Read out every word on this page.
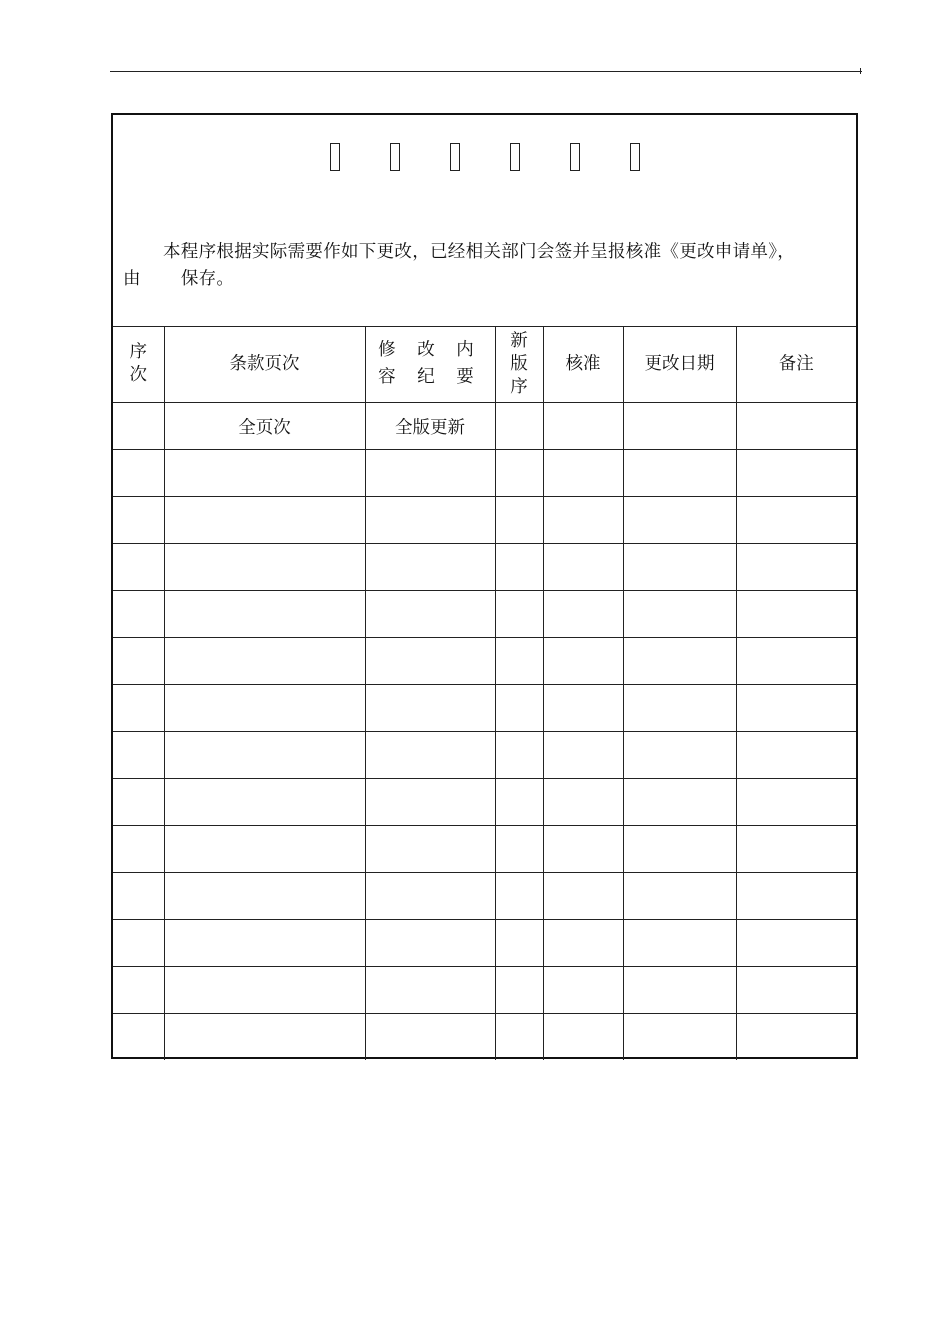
本程序根据实际需要作如下更改，已经相关部门会签并呈报核准《更改申请单》，
由 保存。
序次	条款页次	修 改 内 容 纪 要	新版序	核准	更改日期	备注
	全页次	全版更新				
